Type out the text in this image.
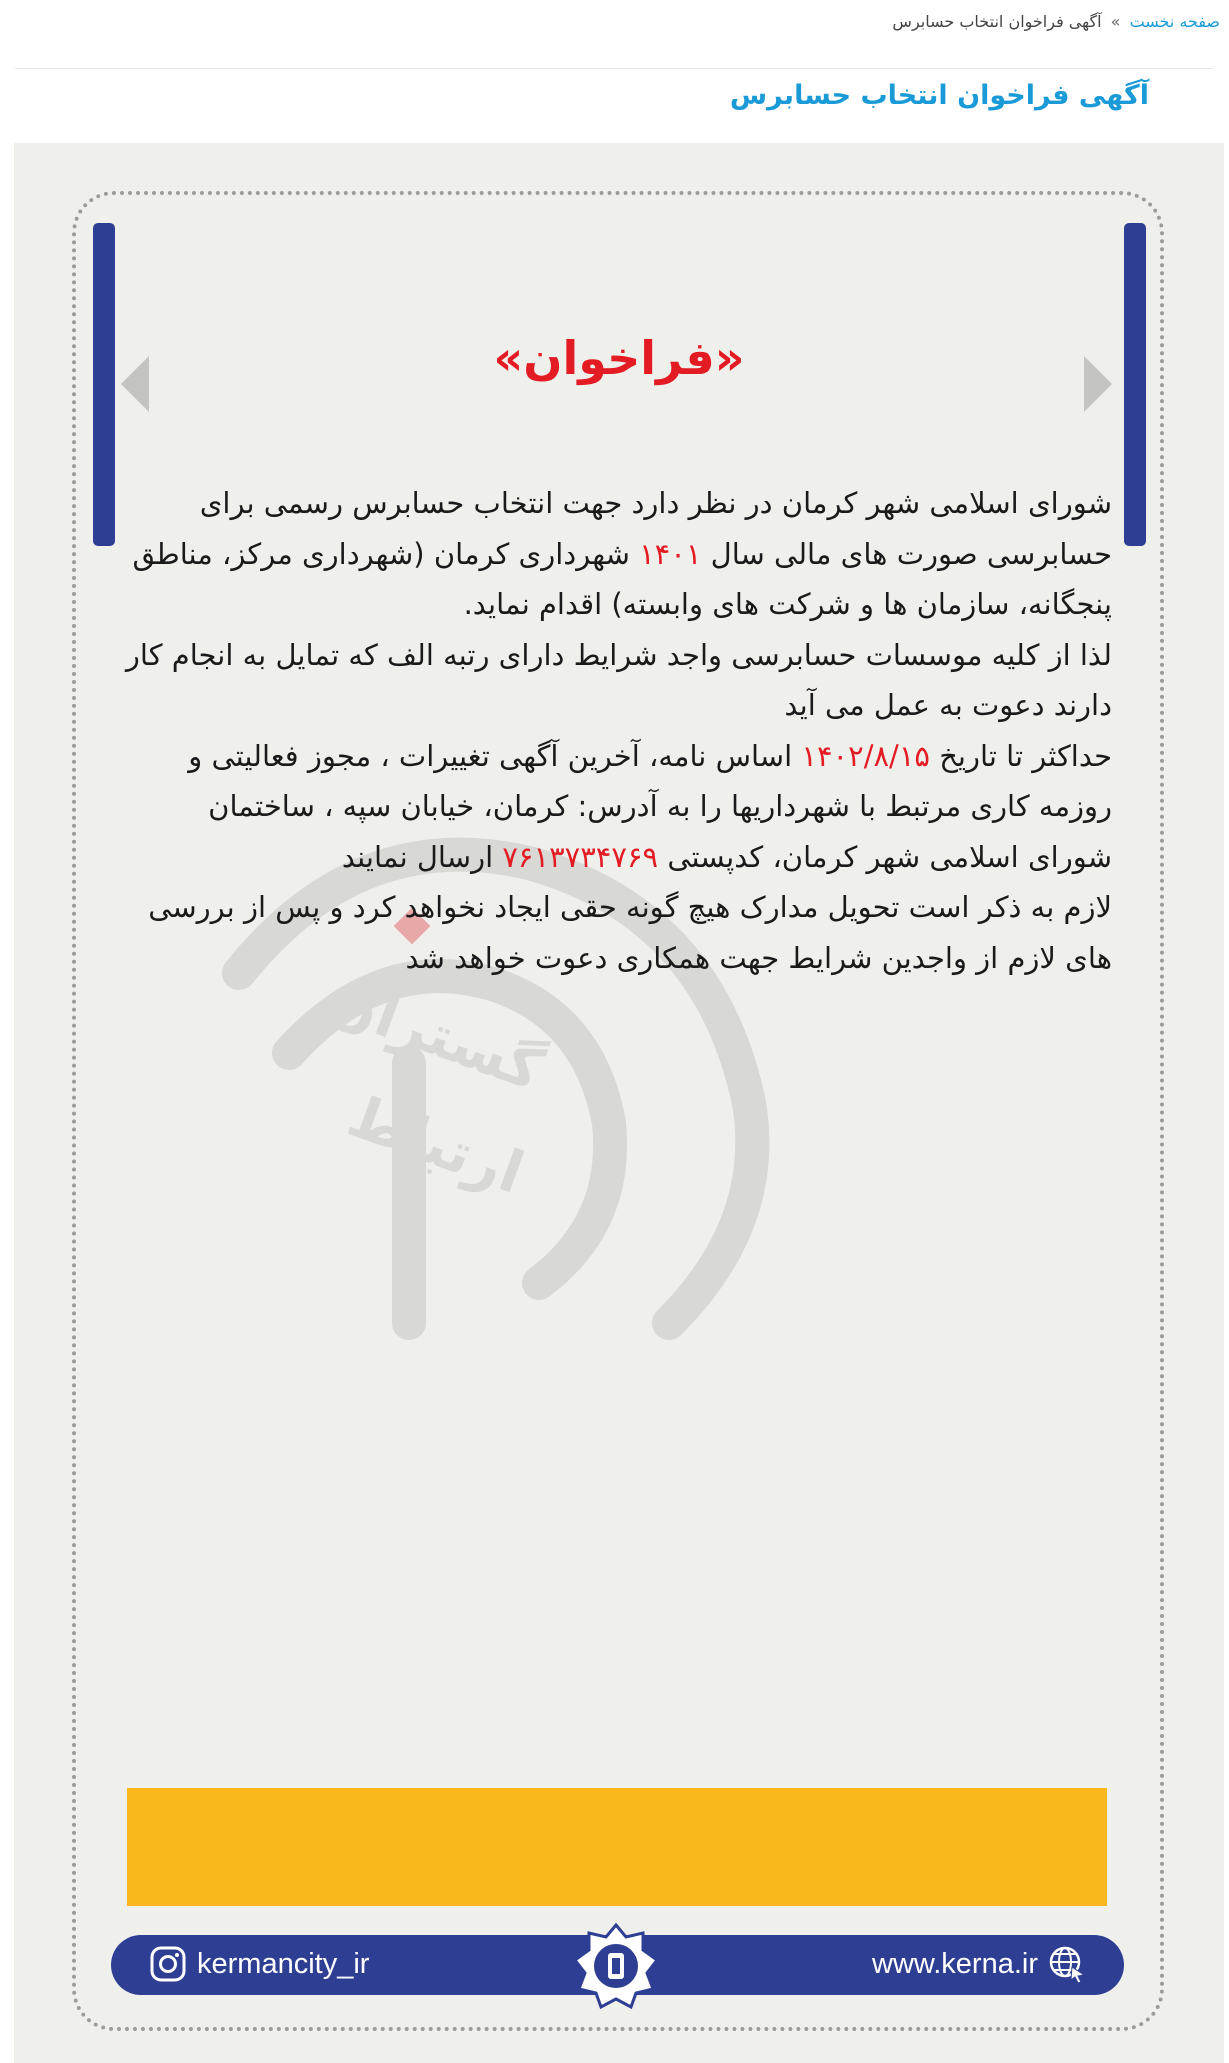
صفحه نخست » آگهی فراخوان انتخاب حسابرس
آگهی فراخوان انتخاب حسابرس
گستران
ارتباط
«فراخوان»

شورای اسلامی شهر کرمان در نظر دارد جهت انتخاب حسابرس رسمی برای حسابرسی صورت های مالی سال ۱۴۰۱ شهرداری کرمان (شهرداری مرکز، مناطق پنجگانه، سازمان ها و شرکت های وابسته) اقدام نماید.

لذا از کلیه موسسات حسابرسی واجد شرایط دارای رتبه الف که تمایل به انجام کار دارند دعوت به عمل می آید

حداکثر تا تاریخ ۱۴۰۲/۸/۱۵ اساس نامه، آخرین آگهی تغییرات ، مجوز فعالیتی و روزمه کاری مرتبط با شهرداریها را به آدرس: کرمان، خیابان سپه ، ساختمان شورای اسلامی شهر کرمان، کدپستی ۷۶۱۳۷۳۴۷۶۹ ارسال نمایند

لازم به ذکر است تحویل مدارک هیچ گونه حقی ایجاد نخواهد کرد و پس از بررسی های لازم از واجدین شرایط جهت همکاری دعوت خواهد شد

kermancity_ir	www.kerna.ir
